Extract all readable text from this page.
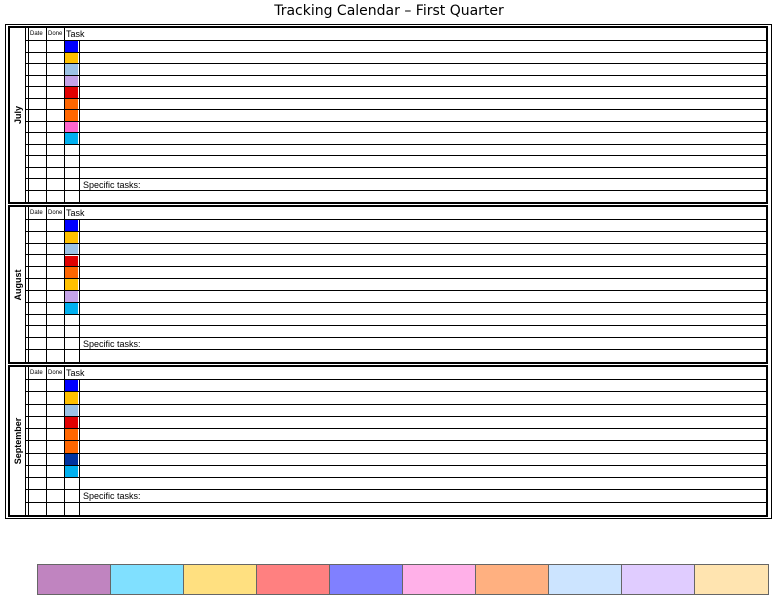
Tracking Calendar – First Quarter
July
Date Done Task
Specific tasks:
August
Date Done Task
Specific tasks:
September
Date Done Task
Specific tasks:
